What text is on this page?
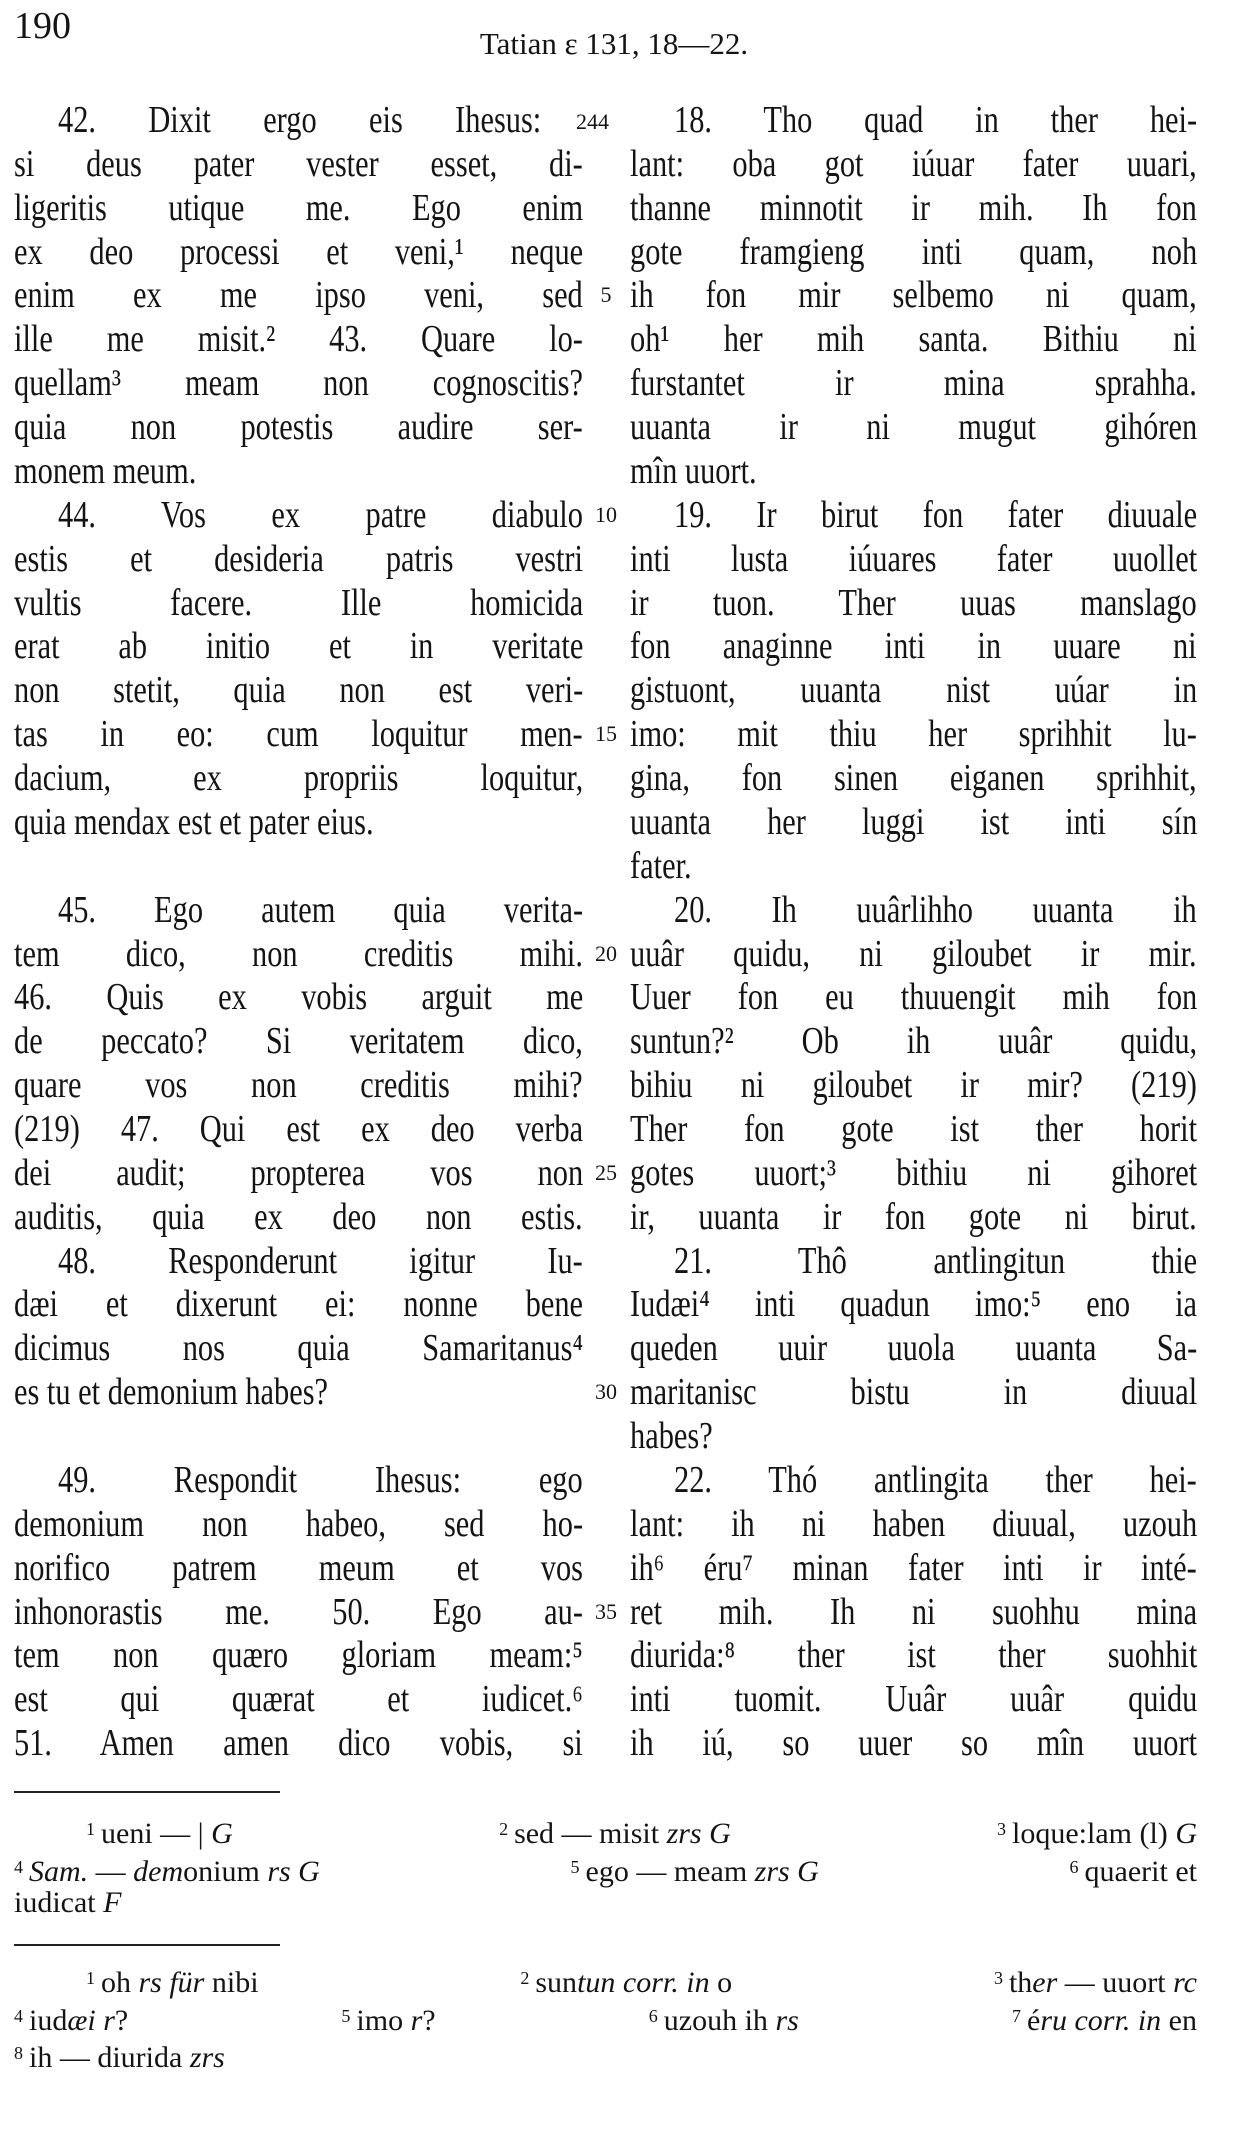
190	Tatian ε 131, 18—22.
42. Dixit ergo eis Ihesus:
si deus pater vester esset, di-
ligeritis utique me. Ego enim
ex deo processi et veni,¹ neque
enim ex me ipso veni, sed
ille me misit.² 43. Quare lo-
quellam³ meam non cognoscitis?
quia non potestis audire ser-
monem meum.
44. Vos ex patre diabulo
estis et desideria patris vestri
vultis facere. Ille homicida
erat ab initio et in veritate
non stetit, quia non est veri-
tas in eo: cum loquitur men-
dacium, ex propriis loquitur,
quia mendax est et pater eius.
45. Ego autem quia verita-
tem dico, non creditis mihi.
46. Quis ex vobis arguit me
de peccato? Si veritatem dico,
quare vos non creditis mihi?
(219) 47. Qui est ex deo verba
dei audit; propterea vos non
auditis, quia ex deo non estis.
48. Responderunt igitur Iu-
dæi et dixerunt ei: nonne bene
dicimus nos quia Samaritanus⁴
es tu et demonium habes?
49. Respondit Ihesus: ego
demonium non habeo, sed ho-
norifico patrem meum et vos
inhonorastis me. 50. Ego au-
tem non quæro gloriam meam:⁵
est qui quærat et iudicet.⁶
51. Amen amen dico vobis, si
18. Tho quad in ther hei-
lant: oba got iúuar fater uuari,
thanne minnotit ir mih. Ih fon
gote framgieng inti quam, noh
ih fon mir selbemo ni quam,
oh¹ her mih santa. Bithiu ni
furstantet ir mina sprahha.
uuanta ir ni mugut gihóren
mîn uuort.
19. Ir birut fon fater diuuale
inti lusta iúuares fater uuollet
ir tuon. Ther uuas manslago
fon anaginne inti in uuare ni
gistuont, uuanta nist uúar in
imo: mit thiu her sprihhit lu-
gina, fon sinen eiganen sprihhit,
uuanta her luggi ist inti sín
fater.
20. Ih uuârlihho uuanta ih
uuâr quidu, ni giloubet ir mir.
Uuer fon eu thuuengit mih fon
suntun?² Ob ih uuâr quidu,
bihiu ni giloubet ir mir? (219)
Ther fon gote ist ther horit
gotes uuort;³ bithiu ni gihoret
ir, uuanta ir fon gote ni birut.
21. Thô antlingitun thie
Iudæi⁴ inti quadun imo:⁵ eno ia
queden uuir uuola uuanta Sa-
maritanisc bistu in diuual
habes?
22. Thó antlingita ther hei-
lant: ih ni haben diuual, uzouh
ih⁶ éru⁷ minan fater inti ir inté-
ret mih. Ih ni suohhu mina
diurida:⁸ ther ist ther suohhit
inti tuomit. Uuâr uuâr quidu
ih iú, so uuer so mîn uuort
5
10
15
20
25
30
35
244
$^1$ ueni — | G	$^2$ sed — misit zrs G	$^3$ loque:lam (l) G
$^4$ Sam. — demonium rs G	$^5$ ego — meam zrs G	$^6$ quaerit et
iudicat F
$^1$ oh rs für nibi	$^2$ suntun corr. in o	$^3$ ther — uuort rc
$^4$ iudæi r?	$^5$ imo r?	$^6$ uzouh ih rs	$^7$ éru corr. in en
$^8$ ih — diurida zrs
